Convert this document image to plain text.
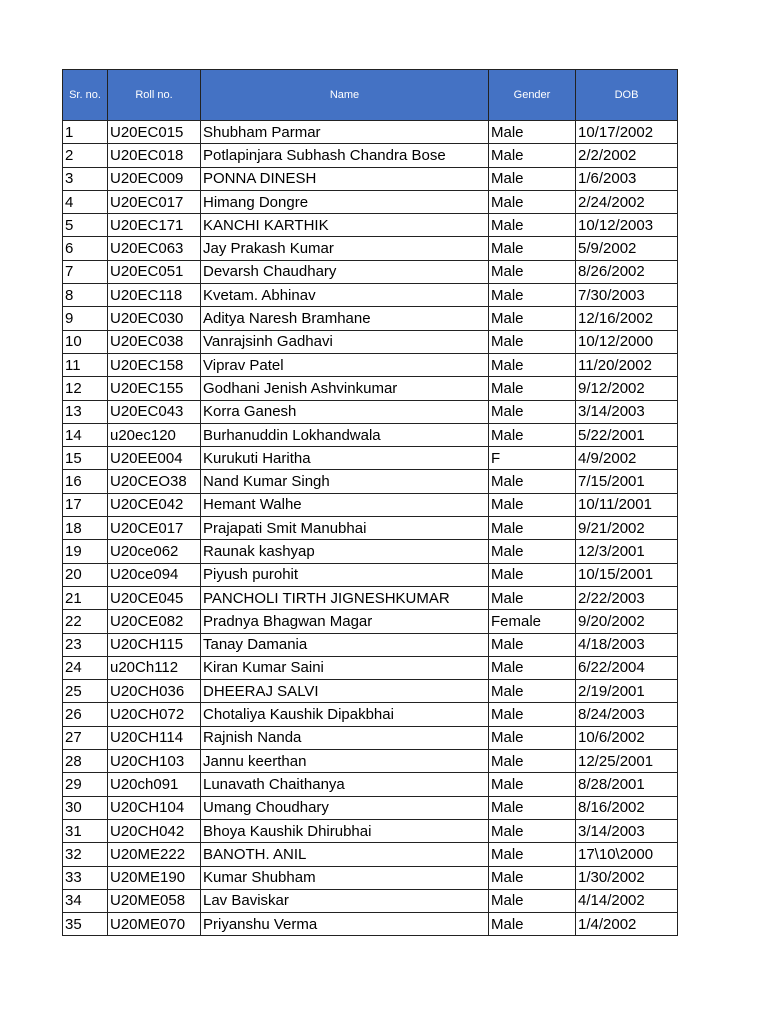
Sr. no.	Roll no.	Name	Gender	DOB
1	U20EC015	Shubham Parmar	Male	10/17/2002
2	U20EC018	Potlapinjara Subhash Chandra Bose	Male	2/2/2002
3	U20EC009	PONNA DINESH	Male	1/6/2003
4	U20EC017	Himang Dongre	Male	2/24/2002
5	U20EC171	KANCHI KARTHIK	Male	10/12/2003
6	U20EC063	Jay Prakash Kumar	Male	5/9/2002
7	U20EC051	Devarsh Chaudhary	Male	8/26/2002
8	U20EC118	Kvetam. Abhinav	Male	7/30/2003
9	U20EC030	Aditya Naresh Bramhane	Male	12/16/2002
10	U20EC038	Vanrajsinh Gadhavi	Male	10/12/2000
11	U20EC158	Viprav Patel	Male	11/20/2002
12	U20EC155	Godhani Jenish Ashvinkumar	Male	9/12/2002
13	U20EC043	Korra Ganesh	Male	3/14/2003
14	u20ec120	Burhanuddin Lokhandwala	Male	5/22/2001
15	U20EE004	Kurukuti Haritha	F	4/9/2002
16	U20CEO38	Nand Kumar Singh	Male	7/15/2001
17	U20CE042	Hemant Walhe	Male	10/11/2001
18	U20CE017	Prajapati Smit Manubhai	Male	9/21/2002
19	U20ce062	Raunak kashyap	Male	12/3/2001
20	U20ce094	Piyush purohit	Male	10/15/2001
21	U20CE045	PANCHOLI TIRTH JIGNESHKUMAR	Male	2/22/2003
22	U20CE082	Pradnya Bhagwan Magar	Female	9/20/2002
23	U20CH115	Tanay Damania	Male	4/18/2003
24	u20Ch112	Kiran Kumar Saini	Male	6/22/2004
25	U20CH036	DHEERAJ SALVI	Male	2/19/2001
26	U20CH072	Chotaliya Kaushik Dipakbhai	Male	8/24/2003
27	U20CH114	Rajnish Nanda	Male	10/6/2002
28	U20CH103	Jannu keerthan	Male	12/25/2001
29	U20ch091	Lunavath Chaithanya	Male	8/28/2001
30	U20CH104	Umang Choudhary	Male	8/16/2002
31	U20CH042	Bhoya Kaushik Dhirubhai	Male	3/14/2003
32	U20ME222	BANOTH. ANIL	Male	17\10\2000
33	U20ME190	Kumar Shubham	Male	1/30/2002
34	U20ME058	Lav Baviskar	Male	4/14/2002
35	U20ME070	Priyanshu Verma	Male	1/4/2002
